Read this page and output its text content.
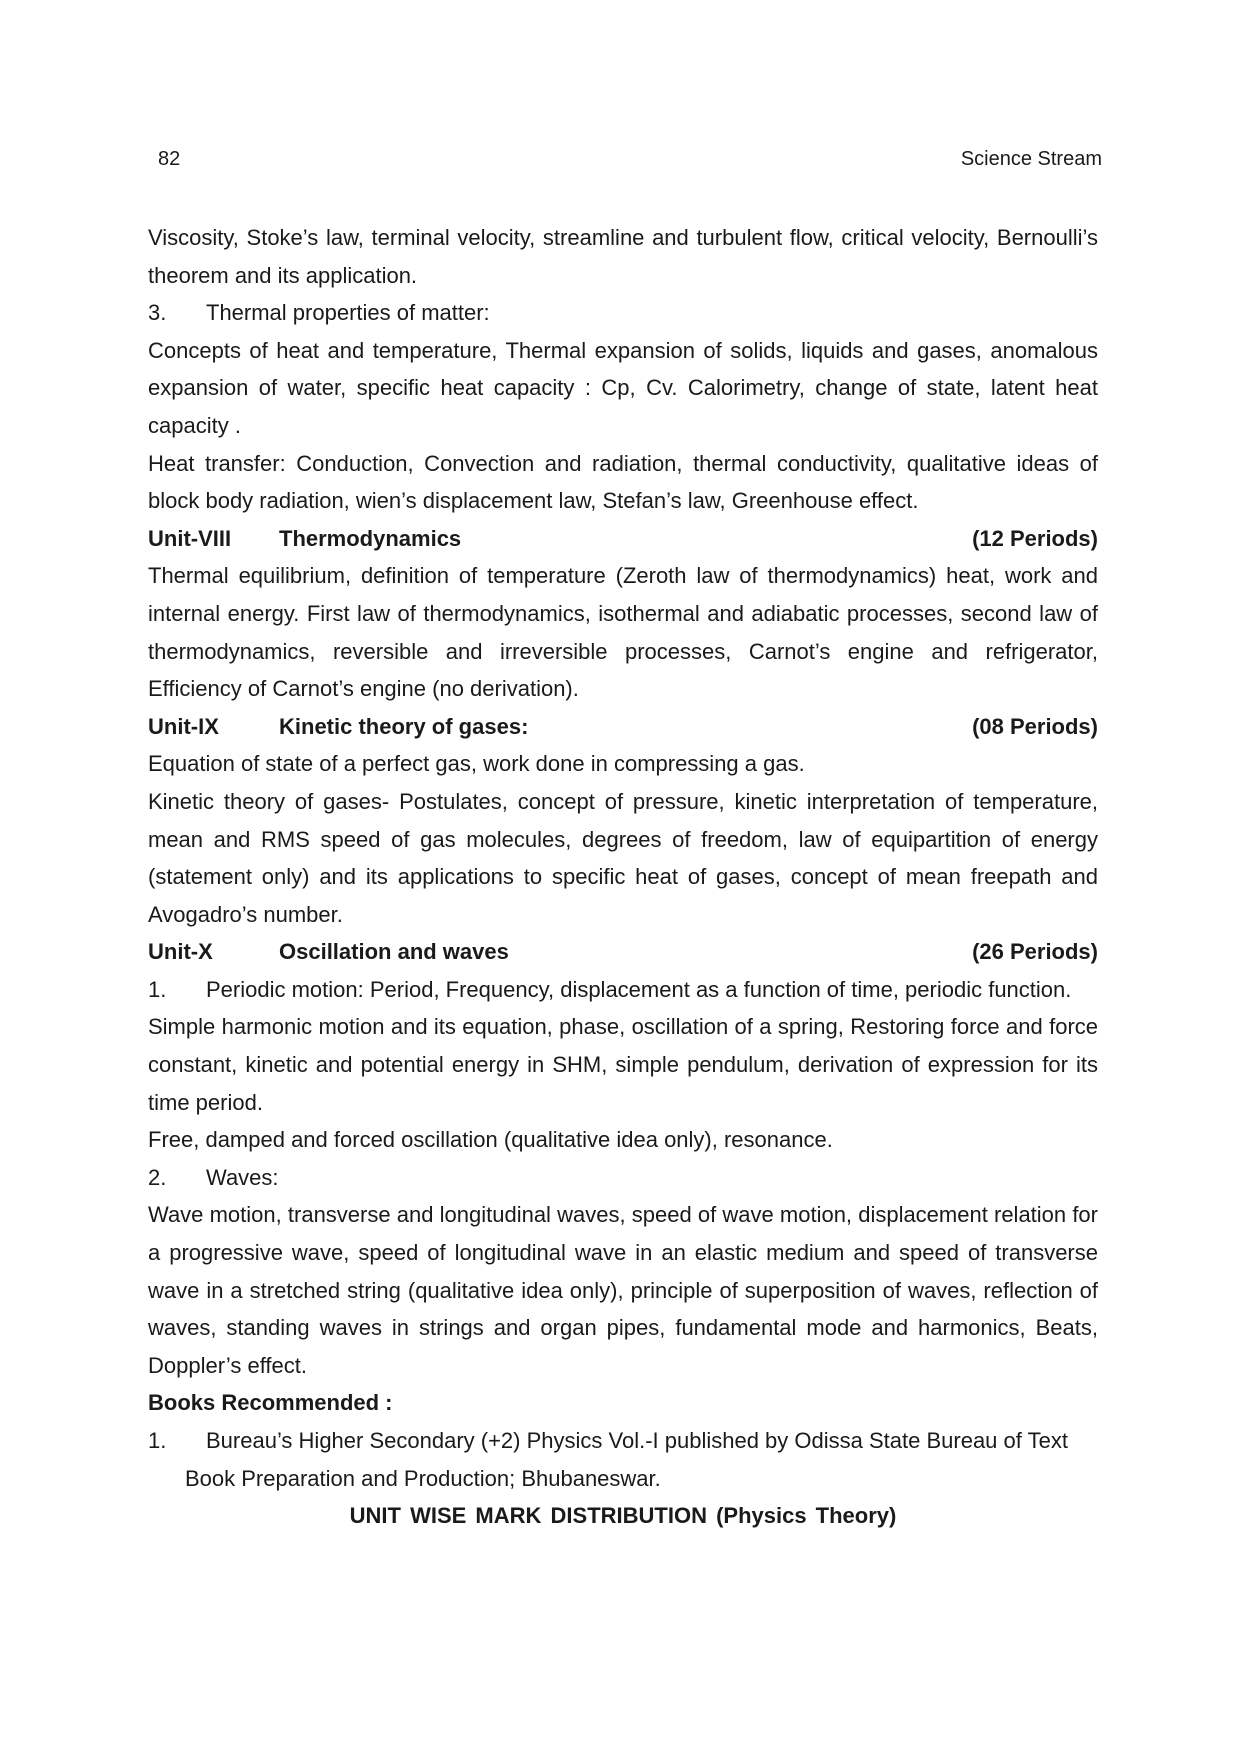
82	Science Stream

Viscosity, Stoke’s law, terminal velocity, streamline and turbulent flow, critical velocity, Bernoulli’s theorem and its application.

3. Thermal properties of matter:

Concepts of heat and temperature, Thermal expansion of solids, liquids and gases, anomalous expansion of water, specific heat capacity : Cp, Cv. Calorimetry, change of state, latent heat capacity .

Heat transfer: Conduction, Convection and radiation, thermal conductivity, qualitative ideas of block body radiation, wien’s displacement law, Stefan’s law, Greenhouse effect.

Unit-VIII	Thermodynamics	(12 Periods)

Thermal equilibrium, definition of temperature (Zeroth law of thermodynamics) heat, work and internal energy. First law of thermodynamics, isothermal and adiabatic processes, second law of thermodynamics, reversible and irreversible processes, Carnot’s engine and refrigerator, Efficiency of Carnot’s engine (no derivation).

Unit-IX	Kinetic theory of gases:	(08 Periods)

Equation of state of a perfect gas, work done in compressing a gas.

Kinetic theory of gases- Postulates, concept of pressure, kinetic interpretation of temperature, mean and RMS speed of gas molecules, degrees of freedom, law of equipartition of energy (statement only) and its applications to specific heat of gases, concept of mean freepath and Avogadro’s number.

Unit-X	Oscillation and waves	(26 Periods)

1. Periodic motion: Period, Frequency, displacement as a function of time, periodic function.

Simple harmonic motion and its equation, phase, oscillation of a spring, Restoring force and force constant, kinetic and potential energy in SHM, simple pendulum, derivation of expression for its time period.

Free, damped and forced oscillation (qualitative idea only), resonance.

2. Waves:

Wave motion, transverse and longitudinal waves, speed of wave motion, displacement relation for a progressive wave, speed of longitudinal wave in an elastic medium and speed of transverse wave in a stretched string (qualitative idea only), principle of superposition of waves, reflection of waves, standing waves in strings and organ pipes, fundamental mode and harmonics, Beats, Doppler’s effect.

Books Recommended :

1. Bureau’s Higher Secondary (+2) Physics Vol.-I published by Odissa State Bureau of Text Book Preparation and Production; Bhubaneswar.

UNIT WISE MARK DISTRIBUTION (Physics Theory)
